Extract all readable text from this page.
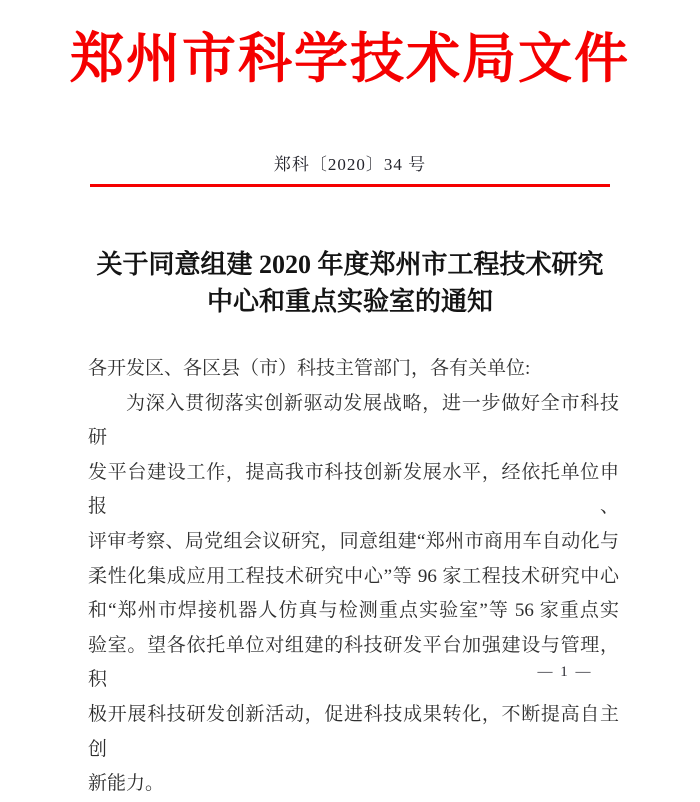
郑州市科学技术局文件
郑科〔2020〕34 号
关于同意组建 2020 年度郑州市工程技术研究
中心和重点实验室的通知
各开发区、各区县（市）科技主管部门，各有关单位:
为深入贯彻落实创新驱动发展战略，进一步做好全市科技研
发平台建设工作，提高我市科技创新发展水平，经依托单位申报、
评审考察、局党组会议研究，同意组建“郑州市商用车自动化与
柔性化集成应用工程技术研究中心”等 96 家工程技术研究中心
和“郑州市焊接机器人仿真与检测重点实验室”等 56 家重点实
验室。望各依托单位对组建的科技研发平台加强建设与管理，积
极开展科技研发创新活动，促进科技成果转化，不断提高自主创
新能力。
— 1 —
